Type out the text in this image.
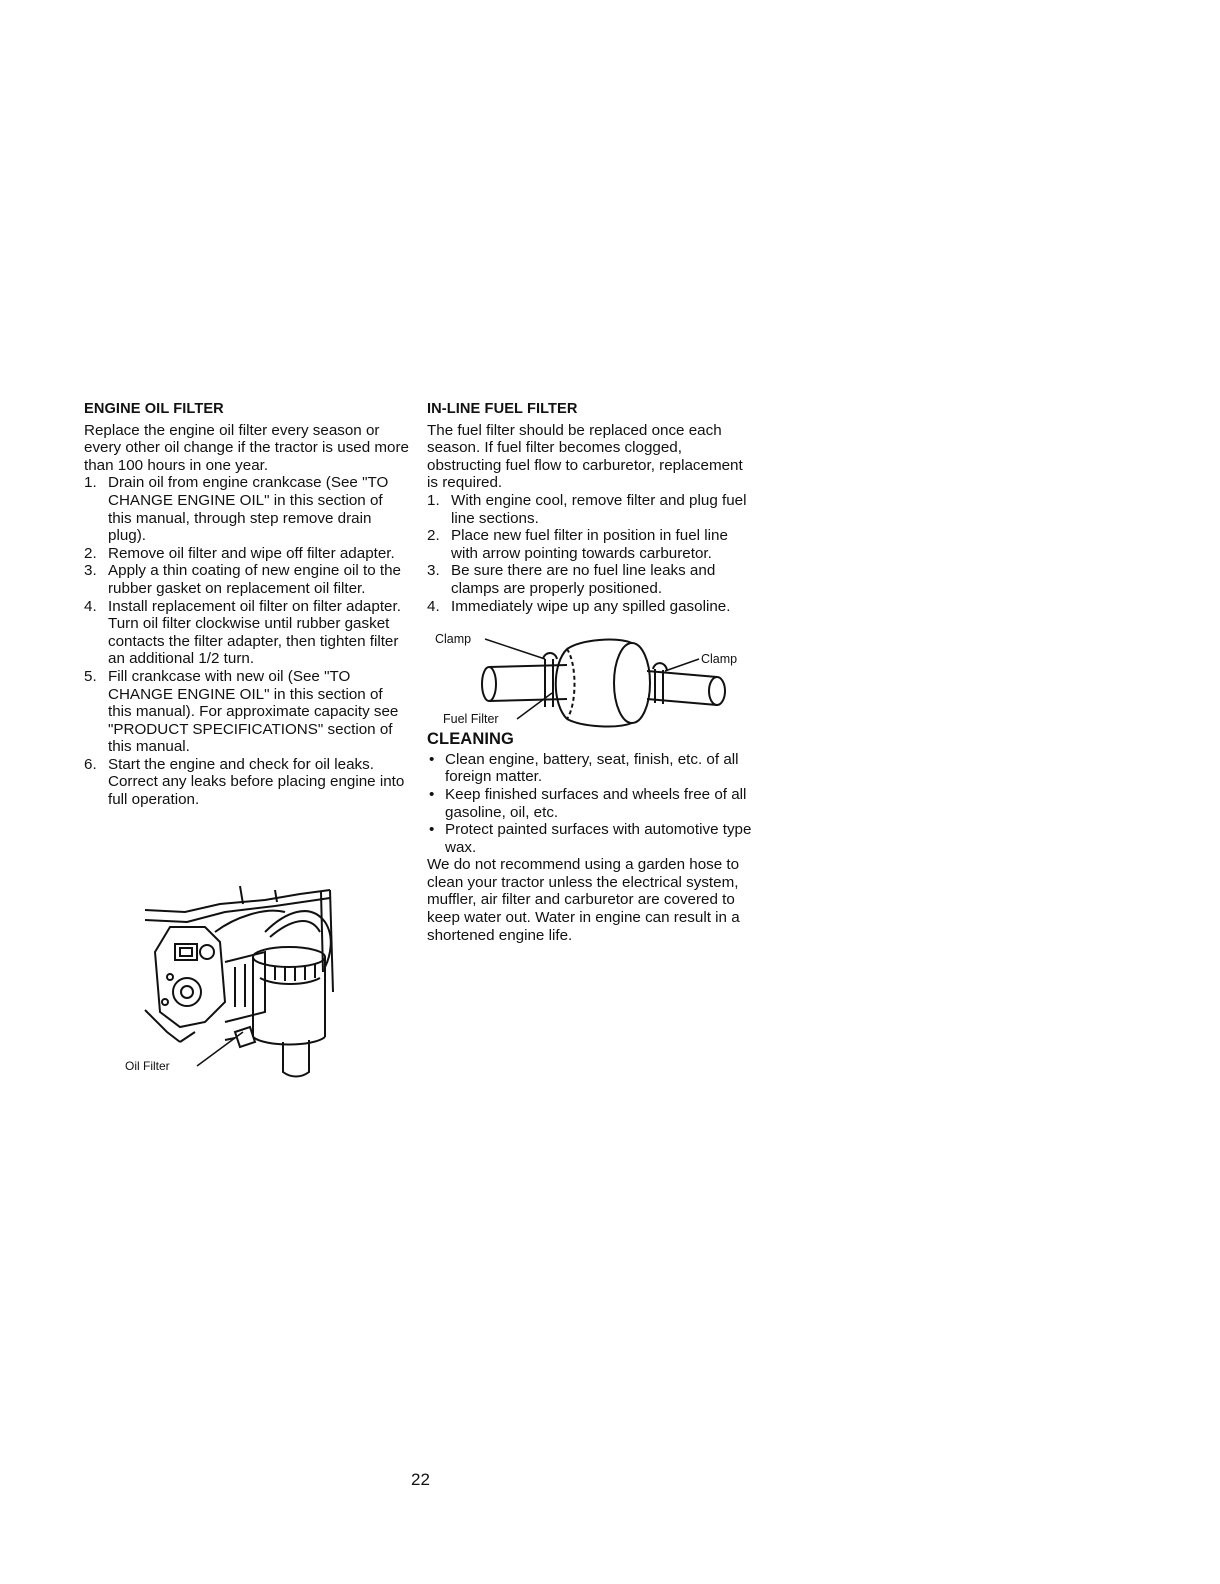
ENGINE OIL FILTER

Replace the engine oil filter every season or every other oil change if the tractor is used more than 100 hours in one year.

1. Drain oil from engine crankcase (See "TO CHANGE ENGINE OIL" in this section of this manual, through step remove drain plug).
2. Remove oil filter and wipe off filter adapter.
3. Apply a thin coating of new engine oil to the rubber gasket on replacement oil filter.
4. Install replacement oil filter on filter adapter. Turn oil filter clockwise until rubber gasket contacts the filter adapter, then tighten filter an additional 1/2 turn.
5. Fill crankcase with new oil (See "TO CHANGE ENGINE OIL" in this section of this manual). For approximate capacity see "PRODUCT SPECIFICATIONS" section of this manual.
6. Start the engine and check for oil leaks. Correct any leaks before placing engine into full operation.
Oil Filter
IN-LINE FUEL FILTER

The fuel filter should be replaced once each season. If fuel filter becomes clogged, obstructing fuel flow to carburetor, replacement is required.

1. With engine cool, remove filter and plug fuel line sections.
2. Place new fuel filter in position in fuel line with arrow pointing towards carburetor.
3. Be sure there are no fuel line leaks and clamps are properly positioned.
4. Immediately wipe up any spilled gasoline.
Clamp
Clamp
Fuel Filter
CLEANING
• Clean engine, battery, seat, finish, etc. of all foreign matter.
• Keep finished surfaces and wheels free of all gasoline, oil, etc.
• Protect painted surfaces with automotive type wax.

We do not recommend using a garden hose to clean your tractor unless the electrical system, muffler, air filter and carburetor are covered to keep water out. Water in engine can result in a shortened engine life.

22
